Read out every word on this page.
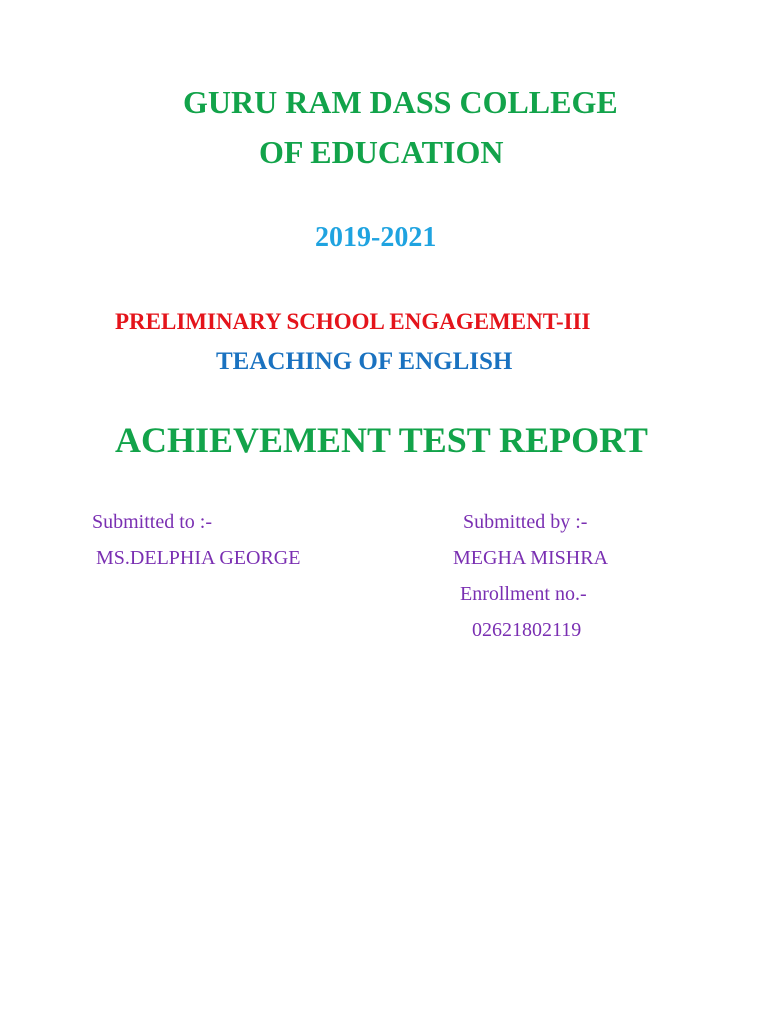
GURU RAM DASS COLLEGE
OF EDUCATION
2019-2021
PRELIMINARY SCHOOL ENGAGEMENT-III
TEACHING OF ENGLISH
ACHIEVEMENT TEST REPORT
Submitted to :-
MS.DELPHIA GEORGE
Submitted by :-
MEGHA MISHRA
Enrollment no.-
02621802119
